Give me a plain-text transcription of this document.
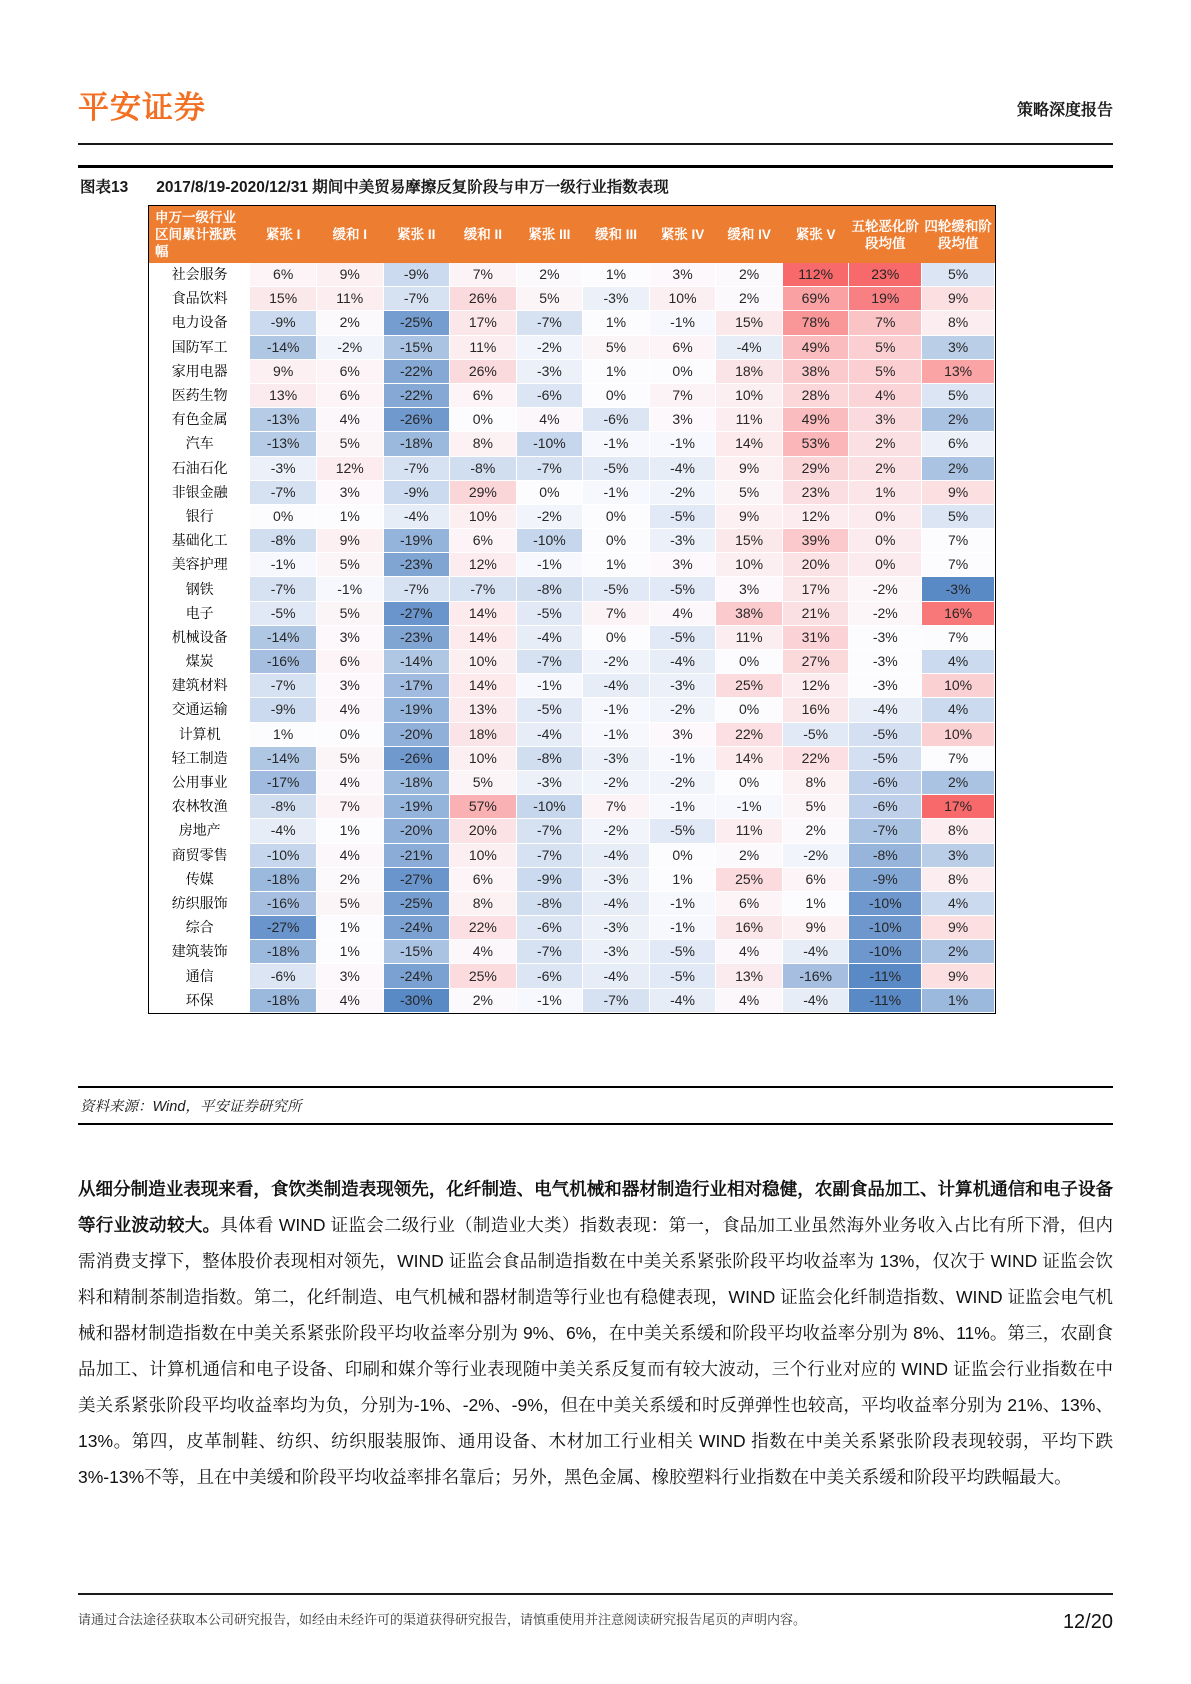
平安证券	策略深度报告
图表13 2017/8/19-2020/12/31 期间中美贸易摩擦反复阶段与申万一级行业指数表现
申万一级行业区间累计涨跌幅	紧张 I	缓和 I	紧张 II	缓和 II	紧张 III	缓和 III	紧张 IV	缓和 IV	紧张 V	五轮恶化阶段均值	四轮缓和阶段均值
社会服务	6%	9%	-9%	7%	2%	1%	3%	2%	112%	23%	5%
食品饮料	15%	11%	-7%	26%	5%	-3%	10%	2%	69%	19%	9%
电力设备	-9%	2%	-25%	17%	-7%	1%	-1%	15%	78%	7%	8%
国防军工	-14%	-2%	-15%	11%	-2%	5%	6%	-4%	49%	5%	3%
家用电器	9%	6%	-22%	26%	-3%	1%	0%	18%	38%	5%	13%
医药生物	13%	6%	-22%	6%	-6%	0%	7%	10%	28%	4%	5%
有色金属	-13%	4%	-26%	0%	4%	-6%	3%	11%	49%	3%	2%
汽车	-13%	5%	-18%	8%	-10%	-1%	-1%	14%	53%	2%	6%
石油石化	-3%	12%	-7%	-8%	-7%	-5%	-4%	9%	29%	2%	2%
非银金融	-7%	3%	-9%	29%	0%	-1%	-2%	5%	23%	1%	9%
银行	0%	1%	-4%	10%	-2%	0%	-5%	9%	12%	0%	5%
基础化工	-8%	9%	-19%	6%	-10%	0%	-3%	15%	39%	0%	7%
美容护理	-1%	5%	-23%	12%	-1%	1%	3%	10%	20%	0%	7%
钢铁	-7%	-1%	-7%	-7%	-8%	-5%	-5%	3%	17%	-2%	-3%
电子	-5%	5%	-27%	14%	-5%	7%	4%	38%	21%	-2%	16%
机械设备	-14%	3%	-23%	14%	-4%	0%	-5%	11%	31%	-3%	7%
煤炭	-16%	6%	-14%	10%	-7%	-2%	-4%	0%	27%	-3%	4%
建筑材料	-7%	3%	-17%	14%	-1%	-4%	-3%	25%	12%	-3%	10%
交通运输	-9%	4%	-19%	13%	-5%	-1%	-2%	0%	16%	-4%	4%
计算机	1%	0%	-20%	18%	-4%	-1%	3%	22%	-5%	-5%	10%
轻工制造	-14%	5%	-26%	10%	-8%	-3%	-1%	14%	22%	-5%	7%
公用事业	-17%	4%	-18%	5%	-3%	-2%	-2%	0%	8%	-6%	2%
农林牧渔	-8%	7%	-19%	57%	-10%	7%	-1%	-1%	5%	-6%	17%
房地产	-4%	1%	-20%	20%	-7%	-2%	-5%	11%	2%	-7%	8%
商贸零售	-10%	4%	-21%	10%	-7%	-4%	0%	2%	-2%	-8%	3%
传媒	-18%	2%	-27%	6%	-9%	-3%	1%	25%	6%	-9%	8%
纺织服饰	-16%	5%	-25%	8%	-8%	-4%	-1%	6%	1%	-10%	4%
综合	-27%	1%	-24%	22%	-6%	-3%	-1%	16%	9%	-10%	9%
建筑装饰	-18%	1%	-15%	4%	-7%	-3%	-5%	4%	-4%	-10%	2%
通信	-6%	3%	-24%	25%	-6%	-4%	-5%	13%	-16%	-11%	9%
环保	-18%	4%	-30%	2%	-1%	-7%	-4%	4%	-4%	-11%	1%
资料来源：Wind，平安证券研究所
从细分制造业表现来看，食饮类制造表现领先，化纤制造、电气机械和器材制造行业相对稳健，农副食品加工、计算机通信和电子设备等行业波动较大。具体看 WIND 证监会二级行业（制造业大类）指数表现：第一，食品加工业虽然海外业务收入占比有所下滑，但内需消费支撑下，整体股价表现相对领先，WIND 证监会食品制造指数在中美关系紧张阶段平均收益率为 13%，仅次于 WIND 证监会饮料和精制茶制造指数。第二，化纤制造、电气机械和器材制造等行业也有稳健表现，WIND 证监会化纤制造指数、WIND 证监会电气机械和器材制造指数在中美关系紧张阶段平均收益率分别为 9%、6%，在中美关系缓和阶段平均收益率分别为 8%、11%。第三，农副食品加工、计算机通信和电子设备、印刷和媒介等行业表现随中美关系反复而有较大波动，三个行业对应的 WIND 证监会行业指数在中美关系紧张阶段平均收益率均为负，分别为-1%、-2%、-9%，但在中美关系缓和时反弹弹性也较高，平均收益率分别为 21%、13%、13%。第四，皮革制鞋、纺织、纺织服装服饰、通用设备、木材加工行业相关 WIND 指数在中美关系紧张阶段表现较弱，平均下跌 3%-13%不等，且在中美缓和阶段平均收益率排名靠后；另外，黑色金属、橡胶塑料行业指数在中美关系缓和阶段平均跌幅最大。
请通过合法途径获取本公司研究报告，如经由未经许可的渠道获得研究报告，请慎重使用并注意阅读研究报告尾页的声明内容。	12/20
